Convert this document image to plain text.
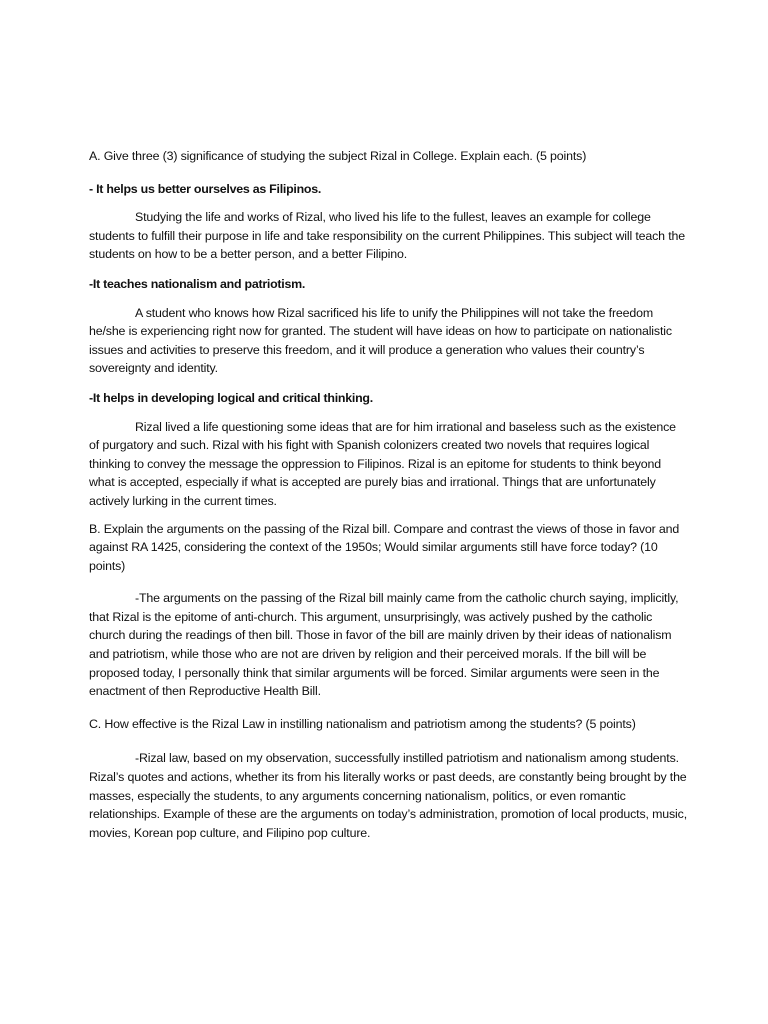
A. Give three (3) significance of studying the subject Rizal in College. Explain each. (5 points)

- It helps us better ourselves as Filipinos.

Studying the life and works of Rizal, who lived his life to the fullest, leaves an example for college students to fulfill their purpose in life and take responsibility on the current Philippines. This subject will teach the students on how to be a better person, and a better Filipino.

-It teaches nationalism and patriotism.

A student who knows how Rizal sacrificed his life to unify the Philippines will not take the freedom he/she is experiencing right now for granted. The student will have ideas on how to participate on nationalistic issues and activities to preserve this freedom, and it will produce a generation who values their country’s sovereignty and identity.

-It helps in developing logical and critical thinking.

Rizal lived a life questioning some ideas that are for him irrational and baseless such as the existence of purgatory and such. Rizal with his fight with Spanish colonizers created two novels that requires logical thinking to convey the message the oppression to Filipinos. Rizal is an epitome for students to think beyond what is accepted, especially if what is accepted are purely bias and irrational. Things that are unfortunately actively lurking in the current times.

B. Explain the arguments on the passing of the Rizal bill. Compare and contrast the views of those in favor and against RA 1425, considering the context of the 1950s; Would similar arguments still have force today? (10 points)

-The arguments on the passing of the Rizal bill mainly came from the catholic church saying, implicitly, that Rizal is the epitome of anti-church. This argument, unsurprisingly, was actively pushed by the catholic church during the readings of then bill. Those in favor of the bill are mainly driven by their ideas of nationalism and patriotism, while those who are not are driven by religion and their perceived morals. If the bill will be proposed today, I personally think that similar arguments will be forced. Similar arguments were seen in the enactment of then Reproductive Health Bill.

C. How effective is the Rizal Law in instilling nationalism and patriotism among the students? (5 points)

-Rizal law, based on my observation, successfully instilled patriotism and nationalism among students. Rizal’s quotes and actions, whether its from his literally works or past deeds, are constantly being brought by the masses, especially the students, to any arguments concerning nationalism, politics, or even romantic relationships. Example of these are the arguments on today’s administration, promotion of local products, music, movies, Korean pop culture, and Filipino pop culture.
